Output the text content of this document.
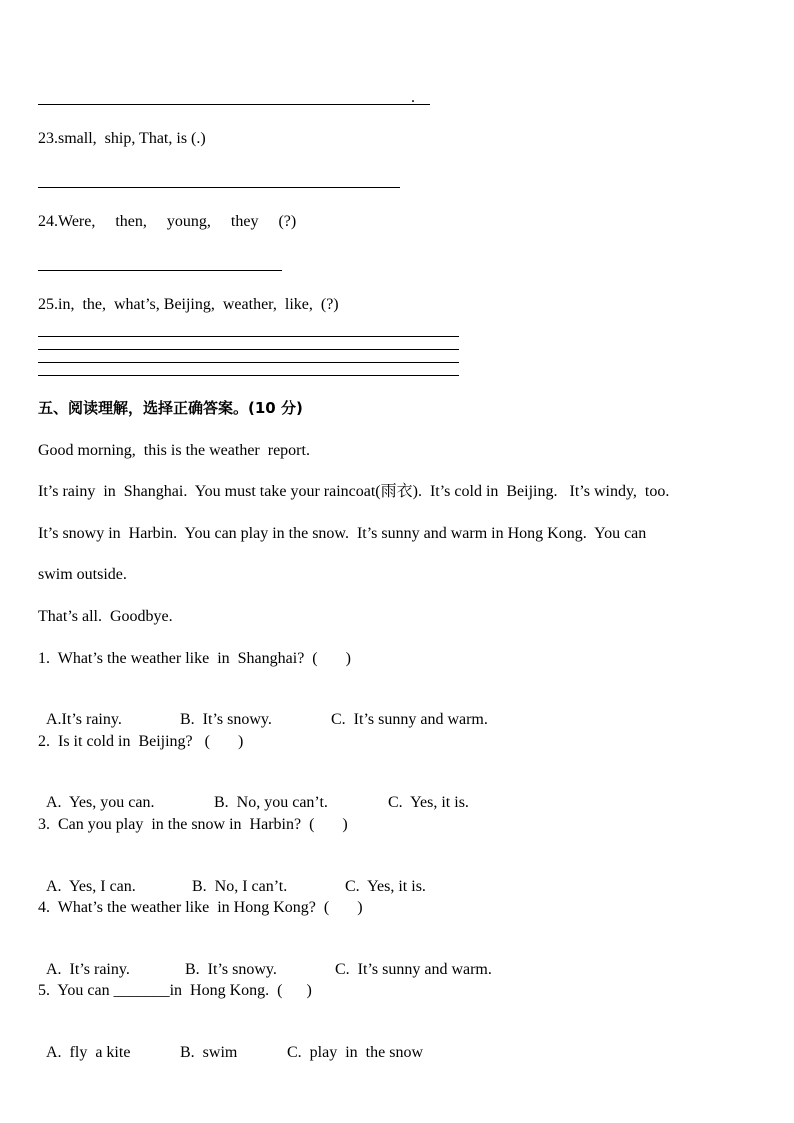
.
23.small,  ship, That, is (.)
24.Were,     then,     young,     they     (?)
25.in,  the,  what’s, Beijing,  weather,  like,  (?)
五、阅读理解，选择正确答案。(10 分)
Good morning,  this is the weather  report.
It’s rainy  in  Shanghai.  You must take your raincoat(雨衣).  It’s cold in  Beijing.   It’s windy,  too.
It’s snowy in  Harbin.  You can play in the snow.  It’s sunny and warm in Hong Kong.  You can
swim outside.
That’s all.  Goodbye.
1.  What’s the weather like  in  Shanghai?  (       )

A.It’s rainy.	B.  It’s snowy.	C.  It’s sunny and warm.

2.  Is it cold in  Beijing?   (       )

A.  Yes, you can.	B.  No, you can’t.	C.  Yes, it is.

3.  Can you play  in the snow in  Harbin?  (       )

A.  Yes, I can.	B.  No, I can’t.	C.  Yes, it is.

4.  What’s the weather like  in Hong Kong?  (       )

A.  It’s rainy.	B.  It’s snowy.	C.  It’s sunny and warm.

5.  You can _______in  Hong Kong.  (      )

A.  fly  a kite	B.  swim	C.  play  in  the snow
